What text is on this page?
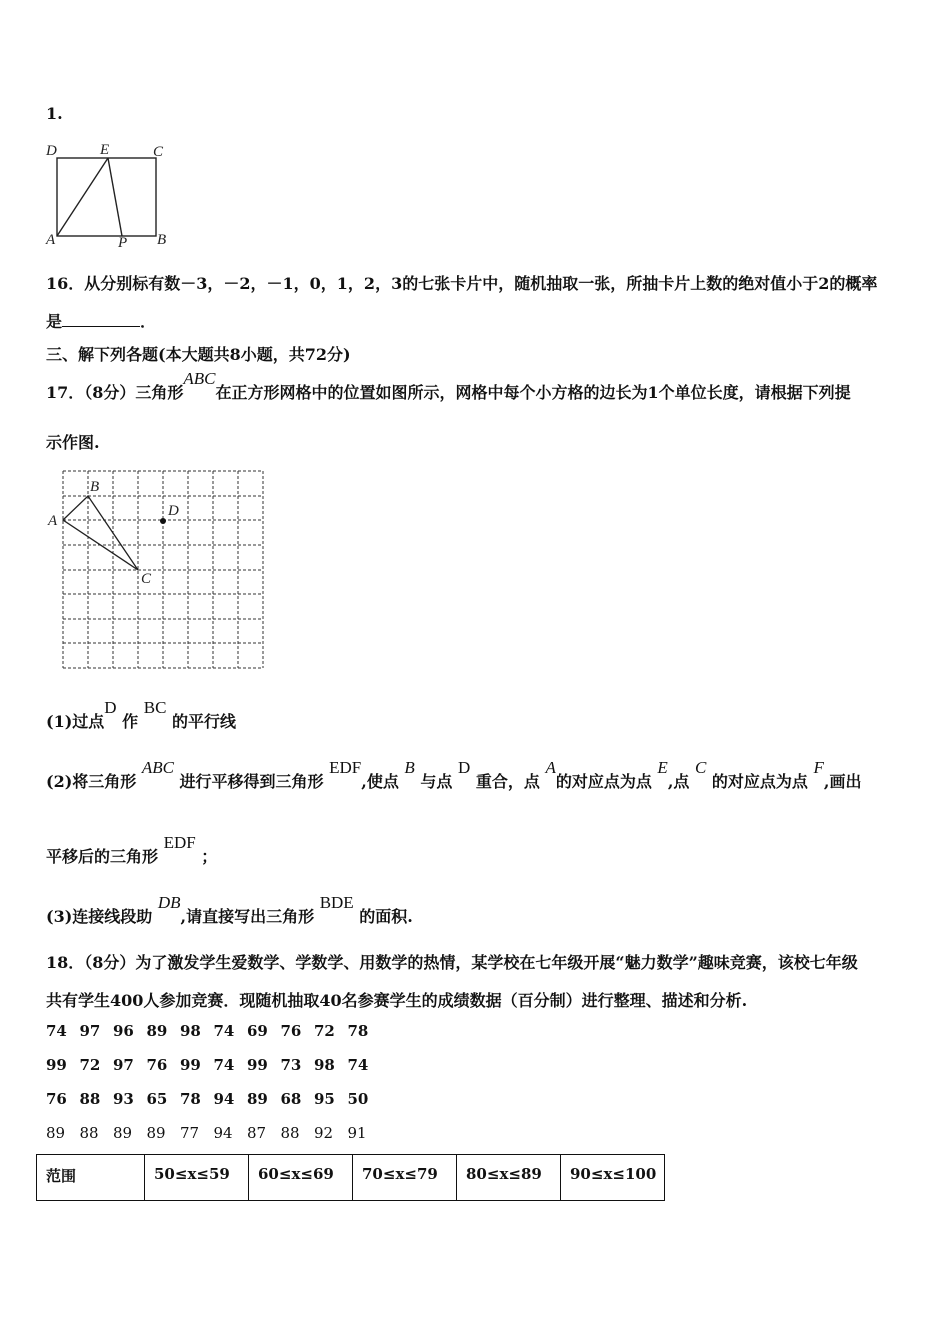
1.
D	E	C
A	P B
16．从分别标有数－3，－2，－1，0，1，2，3的七张卡片中，随机抽取一张，所抽卡片上数的绝对值小于2的概率
是	．
三、解下列各题(本大题共8小题，共72分)
17．（8分）三角形ABC在正方形网格中的位置如图所示，网格中每个小方格的边长为1个单位长度，请根据下列提
示作图.
B
A
C
D
(1)过点D 作 BC 的平行线
(2)将三角形 ABC 进行平移得到三角形 EDF,使点 B 与点 D 重合，点 A的对应点为点 E,点 C 的对应点为点 F,画出
平移后的三角形 EDF ；
(3)连接线段助 DB,请直接写出三角形 BDE 的面积.
18．（8分）为了激发学生爱数学、学数学、用数学的热情，某学校在七年级开展“魅力数学”趣味竞赛，该校七年级
共有学生400人参加竞赛．现随机抽取40名参赛学生的成绩数据（百分制）进行整理、描述和分析.
74 97 96 89 98 74 69 76 72 78
99 72 97 76 99 74 99 73 98 74
76 88 93 65 78 94 89 68 95 50
89 88 89 89 77 94 87 88 92 91
范围	50≤x≤59	60≤x≤69	70≤x≤79	80≤x≤89	90≤x≤100
